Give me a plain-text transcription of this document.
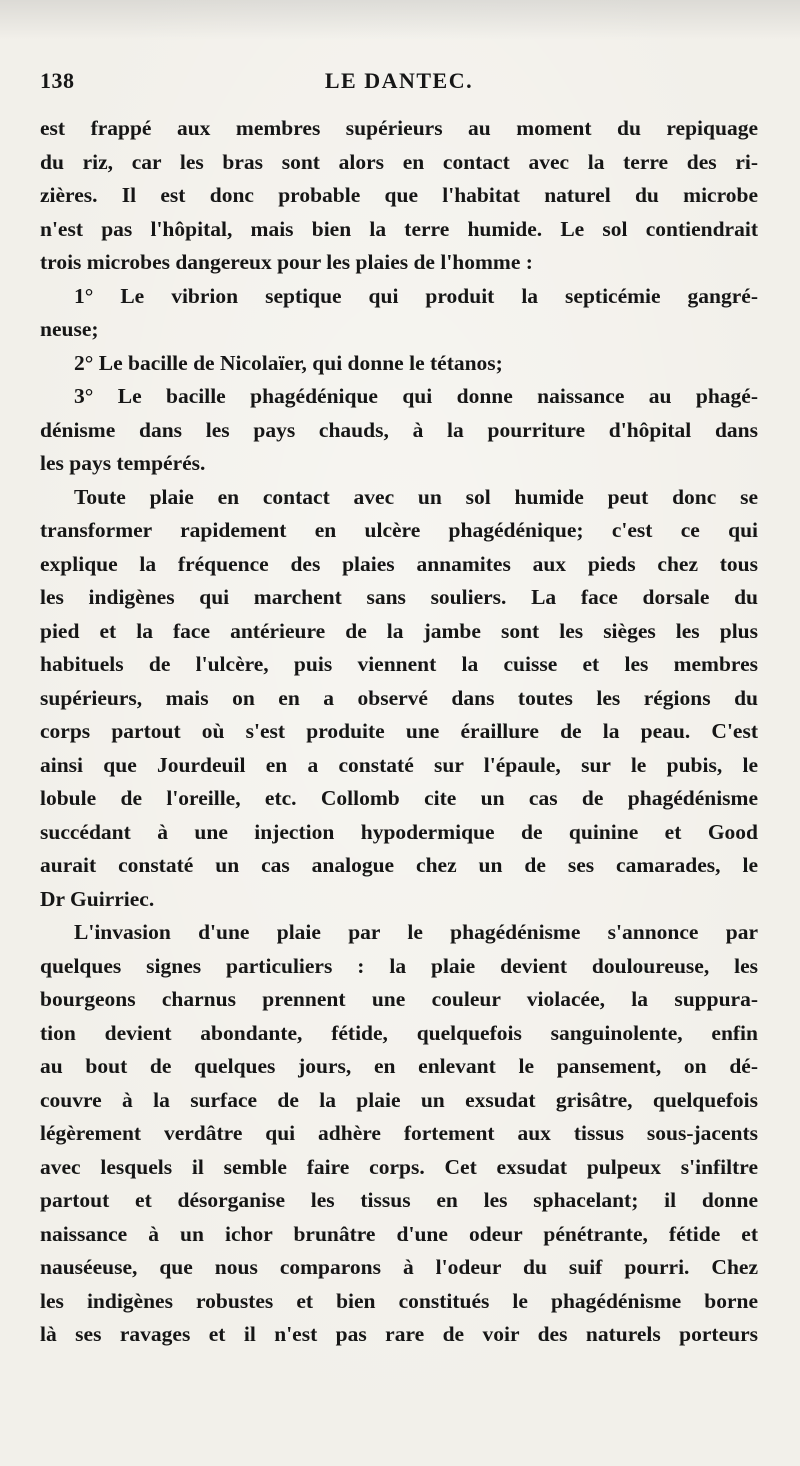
138	LE DANTEC.
est frappé aux membres supérieurs au moment du repiquage
du riz, car les bras sont alors en contact avec la terre des ri-
zières. Il est donc probable que l'habitat naturel du microbe
n'est pas l'hôpital, mais bien la terre humide. Le sol contiendrait
trois microbes dangereux pour les plaies de l'homme :
1° Le vibrion septique qui produit la septicémie gangré-
neuse;
2° Le bacille de Nicolaïer, qui donne le tétanos;
3° Le bacille phagédénique qui donne naissance au phagé-
dénisme dans les pays chauds, à la pourriture d'hôpital dans
les pays tempérés.
Toute plaie en contact avec un sol humide peut donc se
transformer rapidement en ulcère phagédénique; c'est ce qui
explique la fréquence des plaies annamites aux pieds chez tous
les indigènes qui marchent sans souliers. La face dorsale du
pied et la face antérieure de la jambe sont les sièges les plus
habituels de l'ulcère, puis viennent la cuisse et les membres
supérieurs, mais on en a observé dans toutes les régions du
corps partout où s'est produite une éraillure de la peau. C'est
ainsi que Jourdeuil en a constaté sur l'épaule, sur le pubis, le
lobule de l'oreille, etc. Collomb cite un cas de phagédénisme
succédant à une injection hypodermique de quinine et Good
aurait constaté un cas analogue chez un de ses camarades, le
Dr Guirriec.
L'invasion d'une plaie par le phagédénisme s'annonce par
quelques signes particuliers : la plaie devient douloureuse, les
bourgeons charnus prennent une couleur violacée, la suppura-
tion devient abondante, fétide, quelquefois sanguinolente, enfin
au bout de quelques jours, en enlevant le pansement, on dé-
couvre à la surface de la plaie un exsudat grisâtre, quelquefois
légèrement verdâtre qui adhère fortement aux tissus sous-jacents
avec lesquels il semble faire corps. Cet exsudat pulpeux s'infiltre
partout et désorganise les tissus en les sphacelant; il donne
naissance à un ichor brunâtre d'une odeur pénétrante, fétide et
nauséeuse, que nous comparons à l'odeur du suif pourri. Chez
les indigènes robustes et bien constitués le phagédénisme borne
là ses ravages et il n'est pas rare de voir des naturels porteurs
